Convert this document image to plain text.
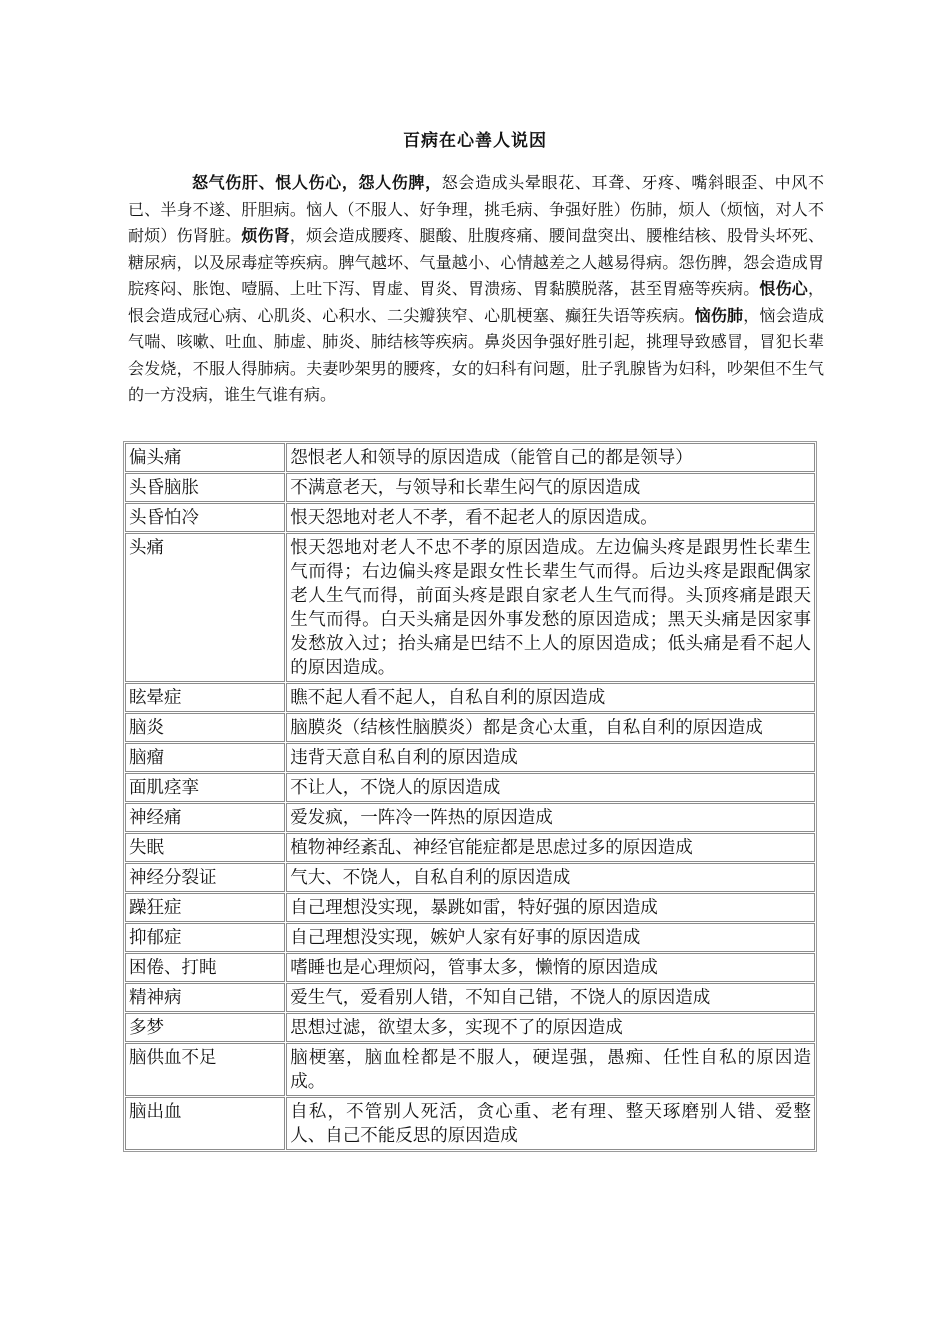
百病在心善人说因

怒气伤肝、恨人伤心，怨人伤脾，怒会造成头晕眼花、耳聋、牙疼、嘴斜眼歪、中风不已、半身不遂、肝胆病。恼人（不服人、好争理，挑毛病、争强好胜）伤肺，烦人（烦恼，对人不耐烦）伤肾脏。烦伤肾，烦会造成腰疼、腿酸、肚腹疼痛、腰间盘突出、腰椎结核、股骨头坏死、糖尿病，以及尿毒症等疾病。脾气越坏、气量越小、心情越差之人越易得病。怨伤脾，怨会造成胃脘疼闷、胀饱、噎膈、上吐下泻、胃虚、胃炎、胃溃疡、胃黏膜脱落，甚至胃癌等疾病。恨伤心，恨会造成冠心病、心肌炎、心积水、二尖瓣狭窄、心肌梗塞、癫狂失语等疾病。恼伤肺，恼会造成气喘、咳嗽、吐血、肺虚、肺炎、肺结核等疾病。鼻炎因争强好胜引起，挑理导致感冒，冒犯长辈会发烧，不服人得肺病。夫妻吵架男的腰疼，女的妇科有问题，肚子乳腺皆为妇科，吵架但不生气的一方没病，谁生气谁有病。

偏头痛	怨恨老人和领导的原因造成（能管自己的都是领导）
头昏脑胀	不满意老天，与领导和长辈生闷气的原因造成
头昏怕冷	恨天怨地对老人不孝，看不起老人的原因造成。
头痛	恨天怨地对老人不忠不孝的原因造成。左边偏头疼是跟男性长辈生气而得；右边偏头疼是跟女性长辈生气而得。后边头疼是跟配偶家老人生气而得，前面头疼是跟自家老人生气而得。头顶疼痛是跟天生气而得。白天头痛是因外事发愁的原因造成；黑天头痛是因家事发愁放入过；抬头痛是巴结不上人的原因造成；低头痛是看不起人的原因造成。
眩晕症	瞧不起人看不起人，自私自利的原因造成
脑炎	脑膜炎（结核性脑膜炎）都是贪心太重，自私自利的原因造成
脑瘤	违背天意自私自利的原因造成
面肌痉挛	不让人，不饶人的原因造成
神经痛	爱发疯，一阵冷一阵热的原因造成
失眠	植物神经紊乱、神经官能症都是思虑过多的原因造成
神经分裂证	气大、不饶人，自私自利的原因造成
躁狂症	自己理想没实现，暴跳如雷，特好强的原因造成
抑郁症	自己理想没实现，嫉妒人家有好事的原因造成
困倦、打盹	嗜睡也是心理烦闷，管事太多，懒惰的原因造成
精神病	爱生气，爱看别人错，不知自己错，不饶人的原因造成
多梦	思想过滤，欲望太多，实现不了的原因造成
脑供血不足	脑梗塞，脑血栓都是不服人，硬逞强，愚痴、任性自私的原因造成。
脑出血	自私，不管别人死活，贪心重、老有理、整天琢磨别人错、爱整人、自己不能反思的原因造成
